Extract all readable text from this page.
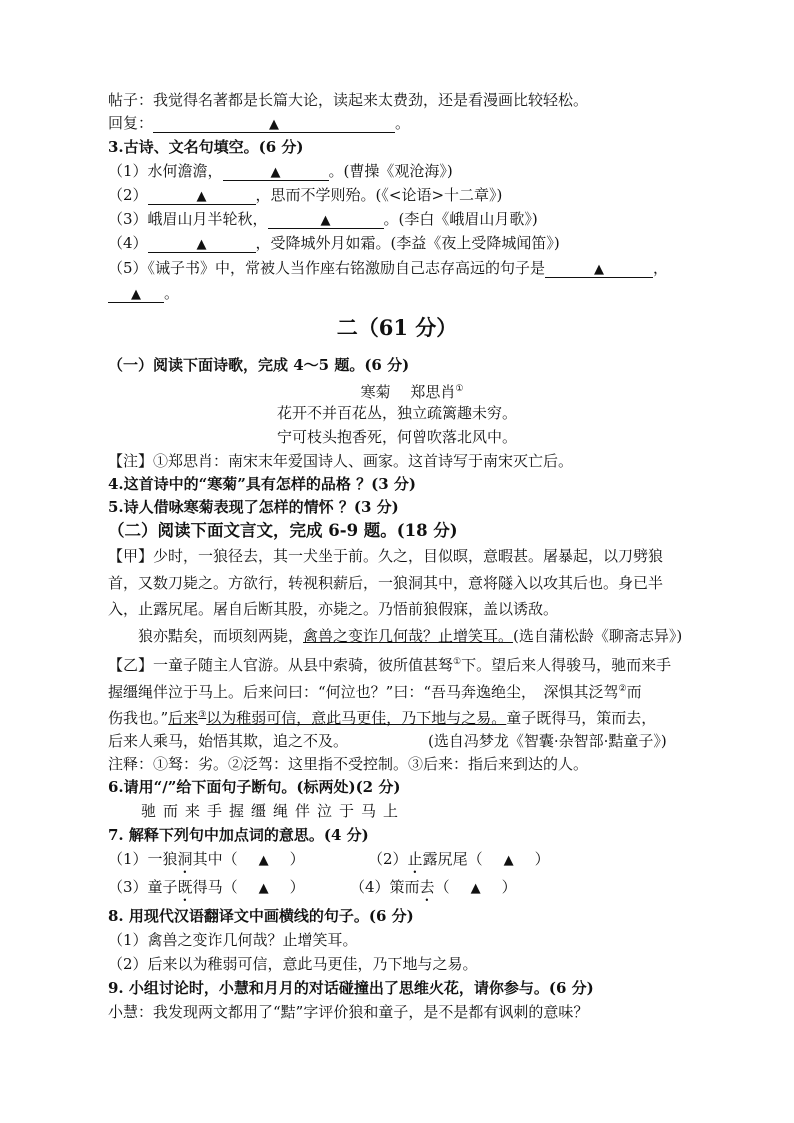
帖子：我觉得名著都是长篇大论，读起来太费劲，还是看漫画比较轻松。
回复：	▲	。
3.古诗、文名句填空。(6 分)
（1）水何澹澹，	▲	。(曹操《观沧海》)
（2）	▲	，思而不学则殆。(《<论语>十二章》)
（3）峨眉山月半轮秋，	▲	。(李白《峨眉山月歌》)
（4）	▲	，受降城外月如霜。(李益《夜上受降城闻笛》)
（5）《诫子书》中，常被人当作座右铭激励自己志存高远的句子是	▲	，
▲ 。
二（61 分）
（一）阅读下面诗歌，完成 4～5 题。(6 分)
寒菊　 郑思肖①
花开不并百花丛，独立疏篱趣未穷。
宁可枝头抱香死，何曾吹落北风中。
【注】①郑思肖：南宋末年爱国诗人、画家。这首诗写于南宋灭亡后。
4.这首诗中的“寒菊”具有怎样的品格 ？(3 分)
5.诗人借咏寒菊表现了怎样的情怀 ？(3 分)
（二）阅读下面文言文，完成 6-9 题。(18 分)
【甲】少时，一狼径去，其一犬坐于前。久之，目似暝，意暇甚。屠暴起，以刀劈狼
首，又数刀毙之。方欲行，转视积薪后，一狼洞其中，意将隧入以攻其后也。身已半
入，止露尻尾。屠自后断其股，亦毙之。乃悟前狼假寐，盖以诱敌。
狼亦黠矣，而顷刻两毙，禽兽之变诈几何哉？止增笑耳。(选自蒲松龄《聊斋志异》)
【乙】一童子随主人官游。从县中索骑，彼所值甚驽①下。望后来人得骏马，驰而来手
握缰绳伴泣于马上。后来问曰：“何泣也？”曰：“吾马奔逸绝尘，　深惧其泛驾②而
伤我也。”后来③以为稚弱可信，意此马更佳，乃下地与之易。童子既得马，策而去，
后来人乘马，始悟其欺，追之不及。	(选自冯梦龙《智囊·杂智部·黠童子》)
注释：①驽：劣。②泛驾：这里指不受控制。③后来：指后来到达的人。
6.请用“/”给下面句子断句。(标两处)(2 分)
驰而来手握缰绳伴泣于马上
7. 解释下列句中加点词的意思。(4 分)
（1）一狼洞其中（ ▲ ）	（2）止露尻尾（ ▲ ）
（3）童子既得马（ ▲ ）	（4）策而去（ ▲ ）
8. 用现代汉语翻译文中画横线的句子。(6 分)
（1）禽兽之变诈几何哉？止增笑耳。
（2）后来以为稚弱可信，意此马更佳，乃下地与之易。
9. 小组讨论时，小慧和月月的对话碰撞出了思维火花，请你参与。(6 分)
小慧：我发现两文都用了“黠”字评价狼和童子，是不是都有讽刺的意味？
